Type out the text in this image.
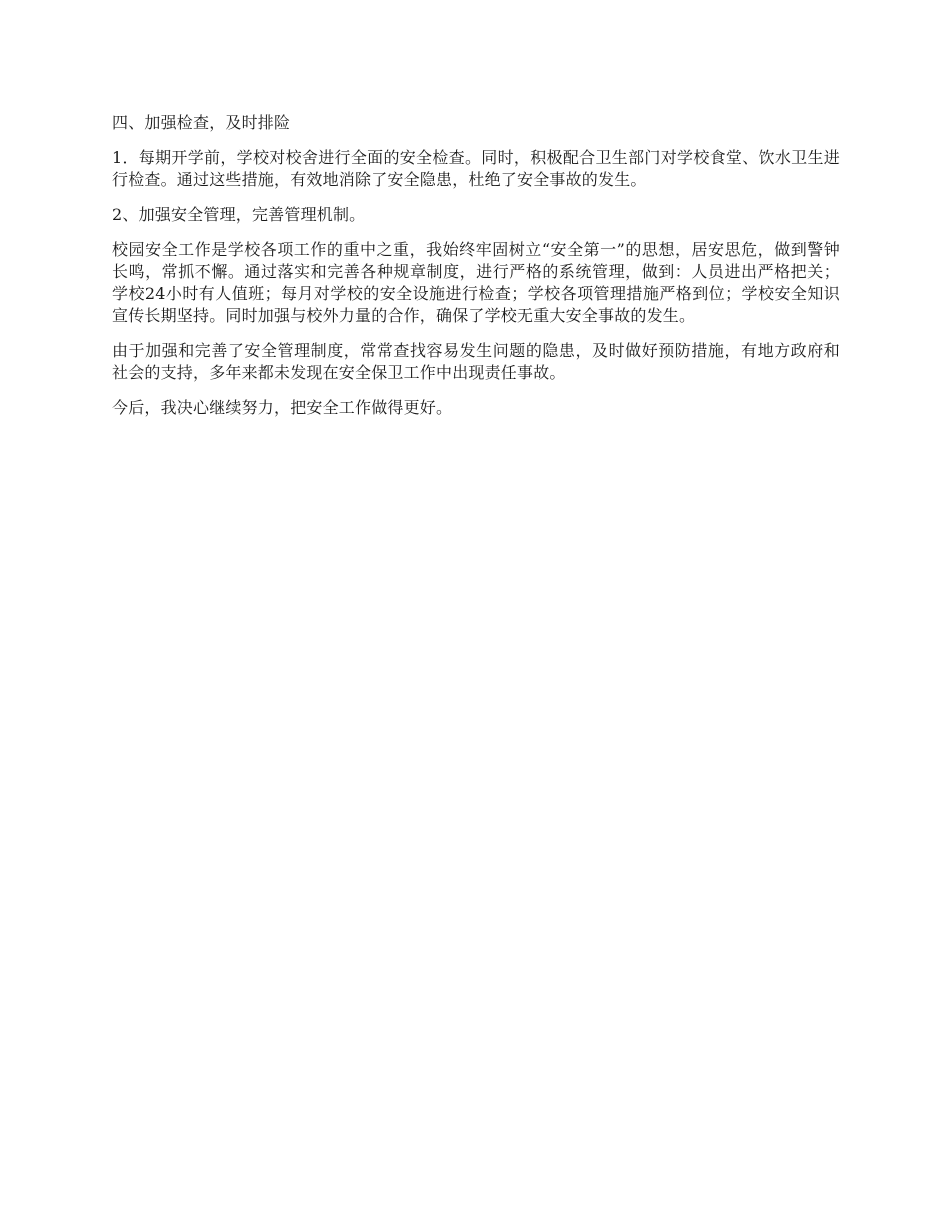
四、加强检查，及时排险

1．每期开学前，学校对校舍进行全面的安全检查。同时，积极配合卫生部门对学校食堂、饮水卫生进行检查。通过这些措施，有效地消除了安全隐患，杜绝了安全事故的发生。

2、加强安全管理，完善管理机制。

校园安全工作是学校各项工作的重中之重，我始终牢固树立“安全第一”的思想，居安思危，做到警钟长鸣，常抓不懈。通过落实和完善各种规章制度，进行严格的系统管理，做到：人员进出严格把关；学校24小时有人值班；每月对学校的安全设施进行检查；学校各项管理措施严格到位；学校安全知识宣传长期坚持。同时加强与校外力量的合作，确保了学校无重大安全事故的发生。

由于加强和完善了安全管理制度，常常查找容易发生问题的隐患，及时做好预防措施，有地方政府和社会的支持，多年来都未发现在安全保卫工作中出现责任事故。

今后，我决心继续努力，把安全工作做得更好。
